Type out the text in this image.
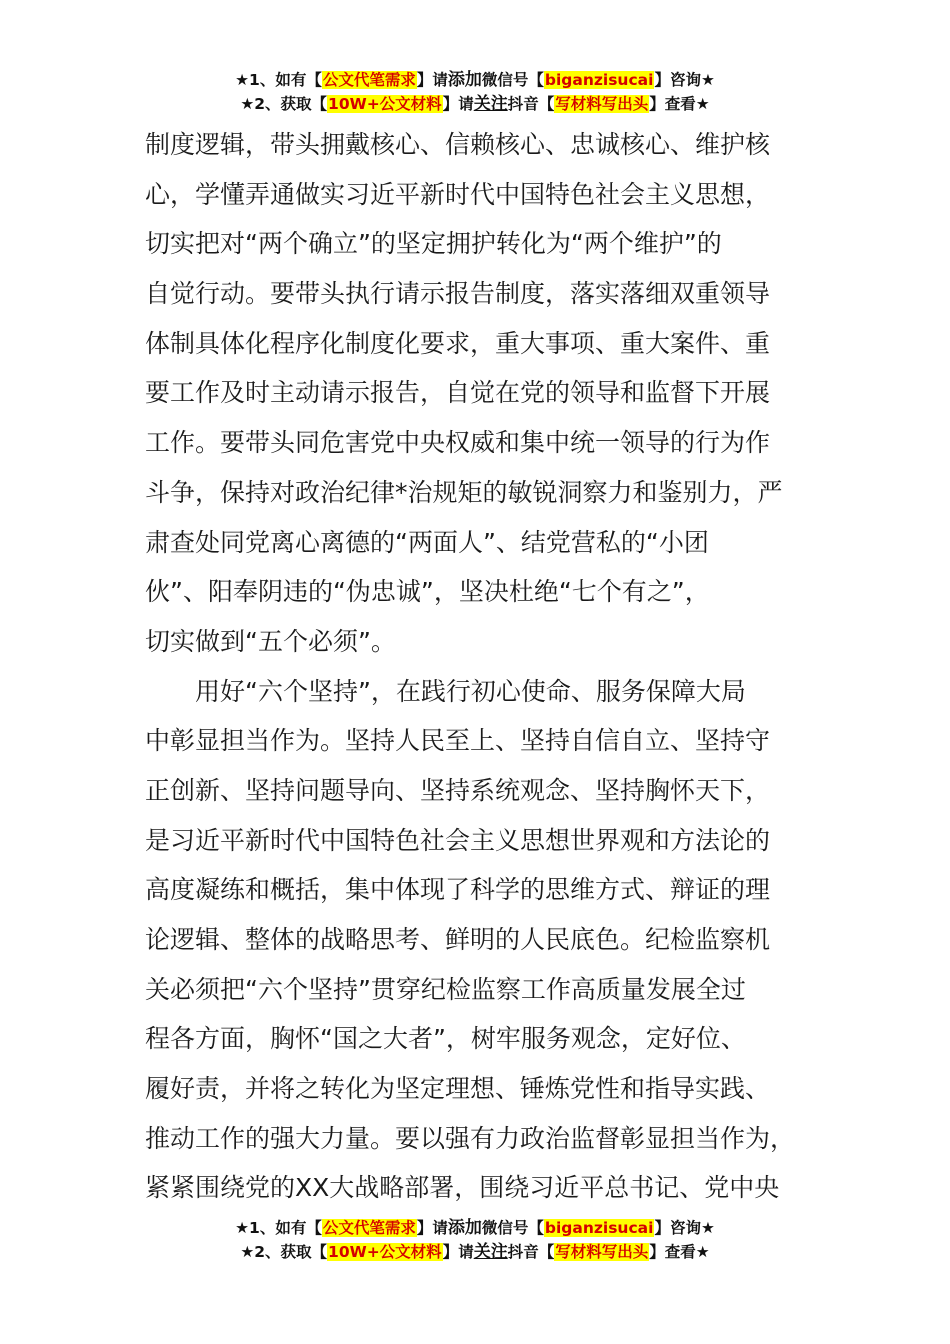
★1、如有【公文代笔需求】请添加微信号【biganzisucai】咨询★
★2、获取【10W+公文材料】请关注抖音【写材料写出头】查看★
制度逻辑，带头拥戴核心、信赖核心、忠诚核心、维护核
心，学懂弄通做实习近平新时代中国特色社会主义思想，
切实把对“两个确立”的坚定拥护转化为“两个维护”的
自觉行动。要带头执行请示报告制度，落实落细双重领导
体制具体化程序化制度化要求，重大事项、重大案件、重
要工作及时主动请示报告，自觉在党的领导和监督下开展
工作。要带头同危害党中央权威和集中统一领导的行为作
斗争，保持对政治纪律*治规矩的敏锐洞察力和鉴别力，严
肃查处同党离心离德的“两面人”、结党营私的“小团
伙”、阳奉阴违的“伪忠诚”，坚决杜绝“七个有之”，
切实做到“五个必须”。
用好“六个坚持”，在践行初心使命、服务保障大局
中彰显担当作为。坚持人民至上、坚持自信自立、坚持守
正创新、坚持问题导向、坚持系统观念、坚持胸怀天下，
是习近平新时代中国特色社会主义思想世界观和方法论的
高度凝练和概括，集中体现了科学的思维方式、辩证的理
论逻辑、整体的战略思考、鲜明的人民底色。纪检监察机
关必须把“六个坚持”贯穿纪检监察工作高质量发展全过
程各方面，胸怀“国之大者”，树牢服务观念，定好位、
履好责，并将之转化为坚定理想、锤炼党性和指导实践、
推动工作的强大力量。要以强有力政治监督彰显担当作为，
紧紧围绕党的XX大战略部署，围绕习近平总书记、党中央
★1、如有【公文代笔需求】请添加微信号【biganzisucai】咨询★
★2、获取【10W+公文材料】请关注抖音【写材料写出头】查看★
